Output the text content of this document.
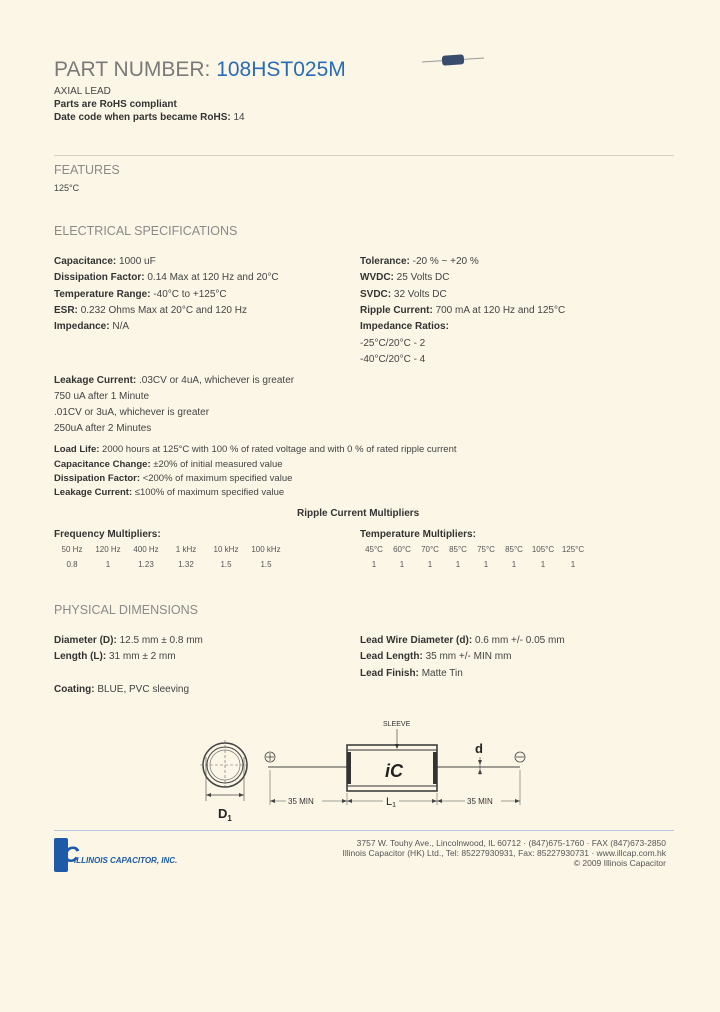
PART NUMBER: 108HST025M
AXIAL LEAD
Parts are RoHS compliant
Date code when parts became RoHS: 14
FEATURES
125°C
ELECTRICAL SPECIFICATIONS
Capacitance: 1000 uF
Dissipation Factor: 0.14 Max at 120 Hz and 20°C
Temperature Range: -40°C to +125°C
ESR: 0.232 Ohms Max at 20°C and 120 Hz
Impedance: N/A
Tolerance: -20 % ~ +20 %
WVDC: 25 Volts DC
SVDC: 32 Volts DC
Ripple Current: 700 mA at 120 Hz and 125°C
Impedance Ratios:
-25°C/20°C - 2
-40°C/20°C - 4
Leakage Current: .03CV or 4uA, whichever is greater
750 uA after 1 Minute
.01CV or 3uA, whichever is greater
250uA after 2 Minutes
Load Life: 2000 hours at 125°C with 100 % of rated voltage and with 0 % of rated ripple current
Capacitance Change: ±20% of initial measured value
Dissipation Factor: <200% of maximum specified value
Leakage Current: ≤100% of maximum specified value
Ripple Current Multipliers
Frequency Multipliers:	Temperature Multipliers:
50 Hz	120 Hz	400 Hz	1 kHz	10 kHz	100 kHz
0.8	1	1.23	1.32	1.5	1.5
45°C	60°C	70°C	85°C	75°C	85°C	105°C	125°C
1	1	1	1	1	1	1	1
PHYSICAL DIMENSIONS
Diameter (D): 12.5 mm ± 0.8 mm
Length (L): 31 mm ± 2 mm
Lead Wire Diameter (d): 0.6 mm +/- 0.05 mm
Lead Length: 35 mm +/- MIN mm
Lead Finish: Matte Tin
Coating: BLUE, PVC sleeving
$D_1$
iC
SLEEVE
d
35 MIN	L1	35 MIN
iC
ILLINOIS CAPACITOR, INC.
3757 W. Touhy Ave., Lincolnwood, IL 60712 · (847)675-1760 · FAX (847)673-2850
Illinois Capacitor (HK) Ltd., Tel: 85227930931, Fax: 85227930731 · www.illcap.com.hk
© 2009 Illinois Capacitor
